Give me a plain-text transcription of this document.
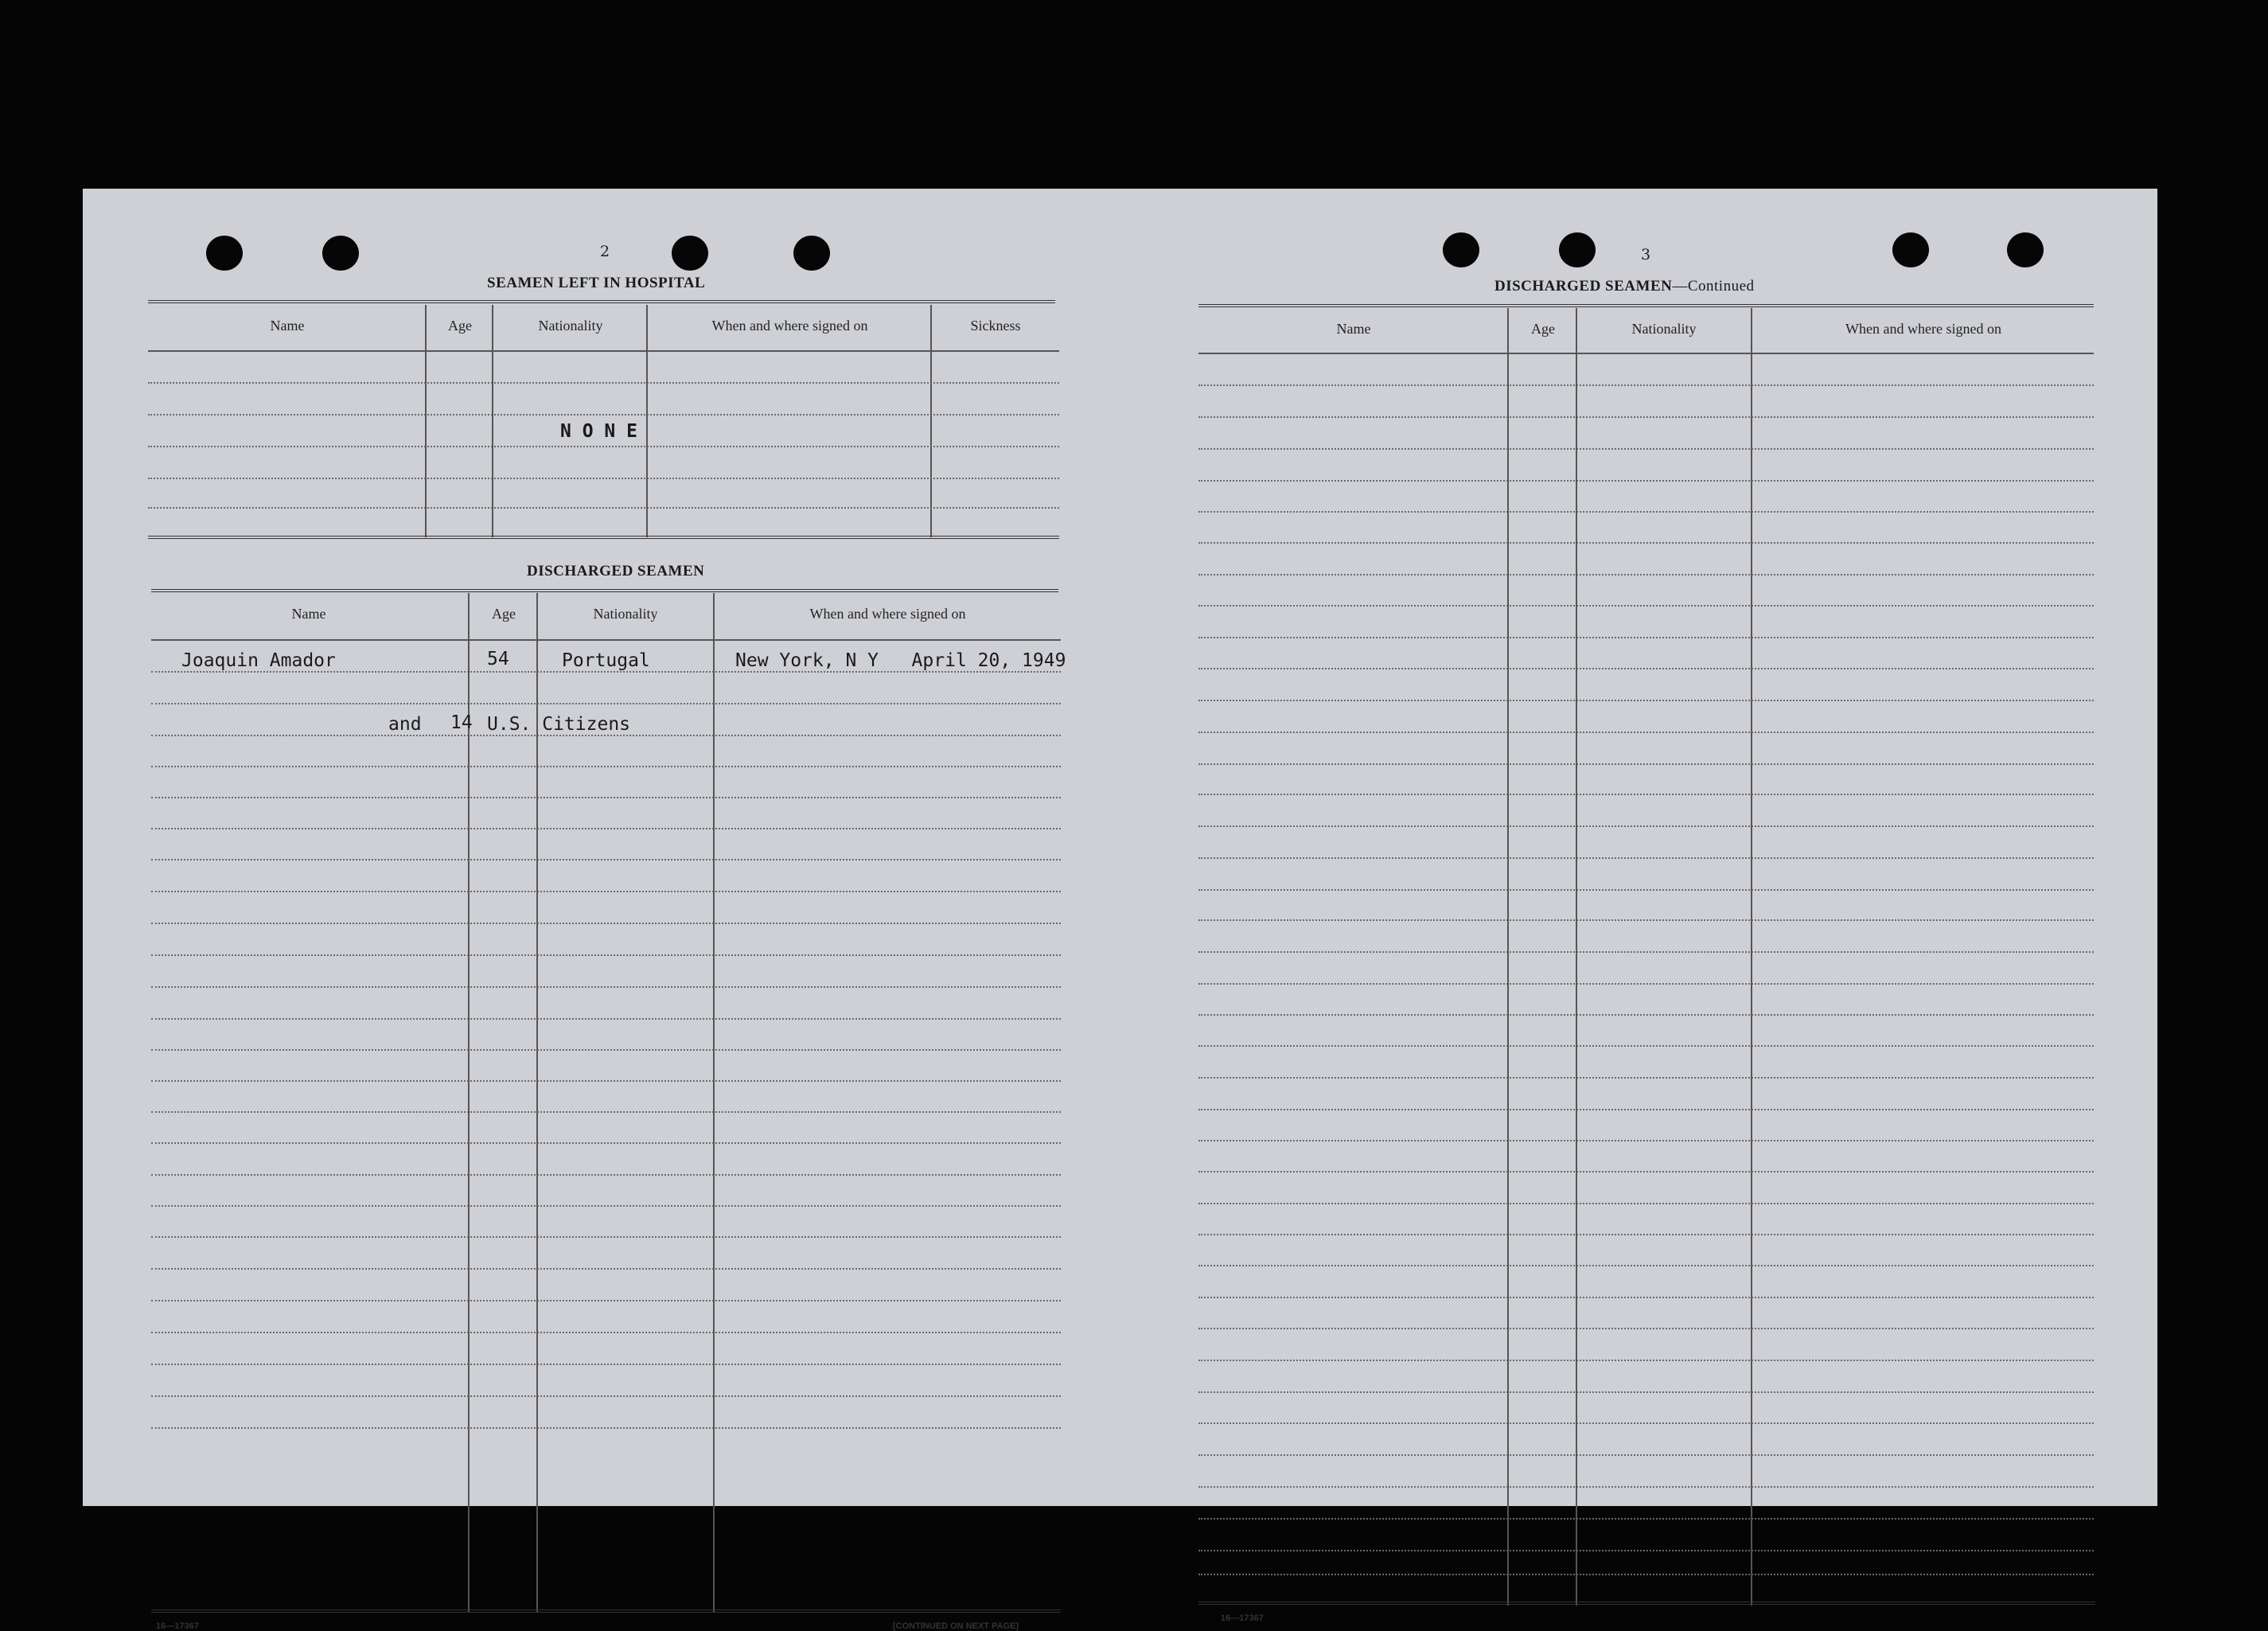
2
SEAMEN LEFT IN HOSPITAL
Name	Age	Nationality	When and where signed on	Sickness
N O N E
DISCHARGED SEAMEN
Name	Age	Nationality	When and where signed on
Joaquin Amador	54	Portugal	New York, N Y   April 20, 1949
and 14 U.S. Citizens
16—17367	[CONTINUED ON NEXT PAGE]
3
DISCHARGED SEAMEN—Continued
Name	Age	Nationality	When and where signed on
16—17367
